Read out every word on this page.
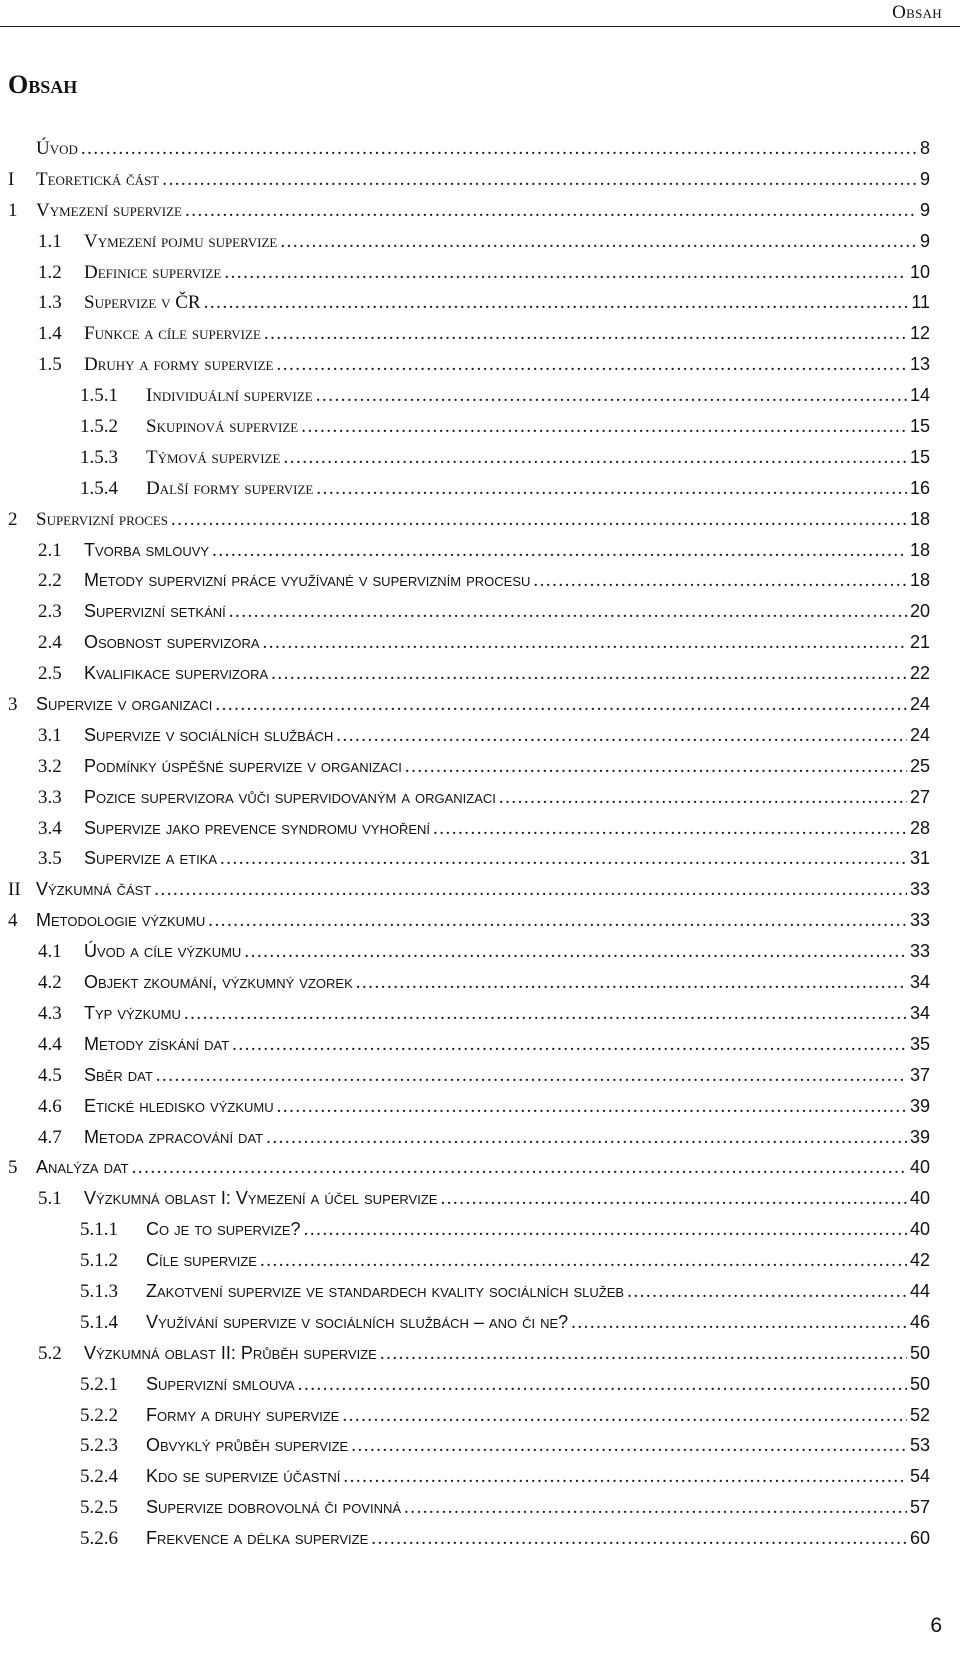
Obsah
Obsah
Úvod .....	8
I	Teoretická část .....	9
1 Vymezení supervize .....	9
1.1	Vymezení pojmu supervize .....	9
1.2	Definice supervize .....	10
1.3	Supervize v ČR .....	11
1.4	Funkce a cíle supervize .....	12
1.5	Druhy a formy supervize .....	13
1.5.1	Individuální supervize .....	14
1.5.2	Skupinová supervize .....	15
1.5.3	Týmová supervize .....	15
1.5.4	Další formy supervize .....	16
2 Supervizní proces .....	18
2.1	Tvorba smlouvy .....	18
2.2	Metody supervizní práce využívané v supervizním procesu .....	18
2.3	Supervizní setkání .....	20
2.4	Osobnost supervizora .....	21
2.5	Kvalifikace supervizora .....	22
3	Supervize v organizaci .....	24
3.1	Supervize v sociálních službách .....	24
3.2	Podmínky úspěšné supervize v organizaci .....	25
3.3	Pozice supervizora vůči supervidovaným a organizaci .....	27
3.4	Supervize jako prevence syndromu vyhoření .....	28
3.5	Supervize a etika .....	31
II Výzkumná část .....	33
4	Metodologie výzkumu .....	33
4.1	Úvod a cíle výzkumu .....	33
4.2	Objekt zkoumání, výzkumný vzorek .....	34
4.3	Typ výzkumu .....	34
4.4	Metody získání dat .....	35
4.5	Sběr dat .....	37
4.6	Etické hledisko výzkumu .....	39
4.7	Metoda zpracování dat .....	39
5	Analýza dat .....	40
5.1	Výzkumná oblast I: Vymezení a účel supervize .....	40
5.1.1	Co je to supervize? .....	40
5.1.2	Cíle supervize .....	42
5.1.3	Zakotvení supervize ve standardech kvality sociálních služeb .....	44
5.1.4	Využívání supervize v sociálních službách – ano či ne? .....	46
5.2	Výzkumná oblast II: Průběh supervize .....	50
5.2.1	Supervizní smlouva .....	50
5.2.2	Formy a druhy supervize .....	52
5.2.3	Obvyklý průběh supervize .....	53
5.2.4	Kdo se supervize účastní .....	54
5.2.5	Supervize dobrovolná či povinná .....	57
5.2.6	Frekvence a délka supervize .....	60
6
